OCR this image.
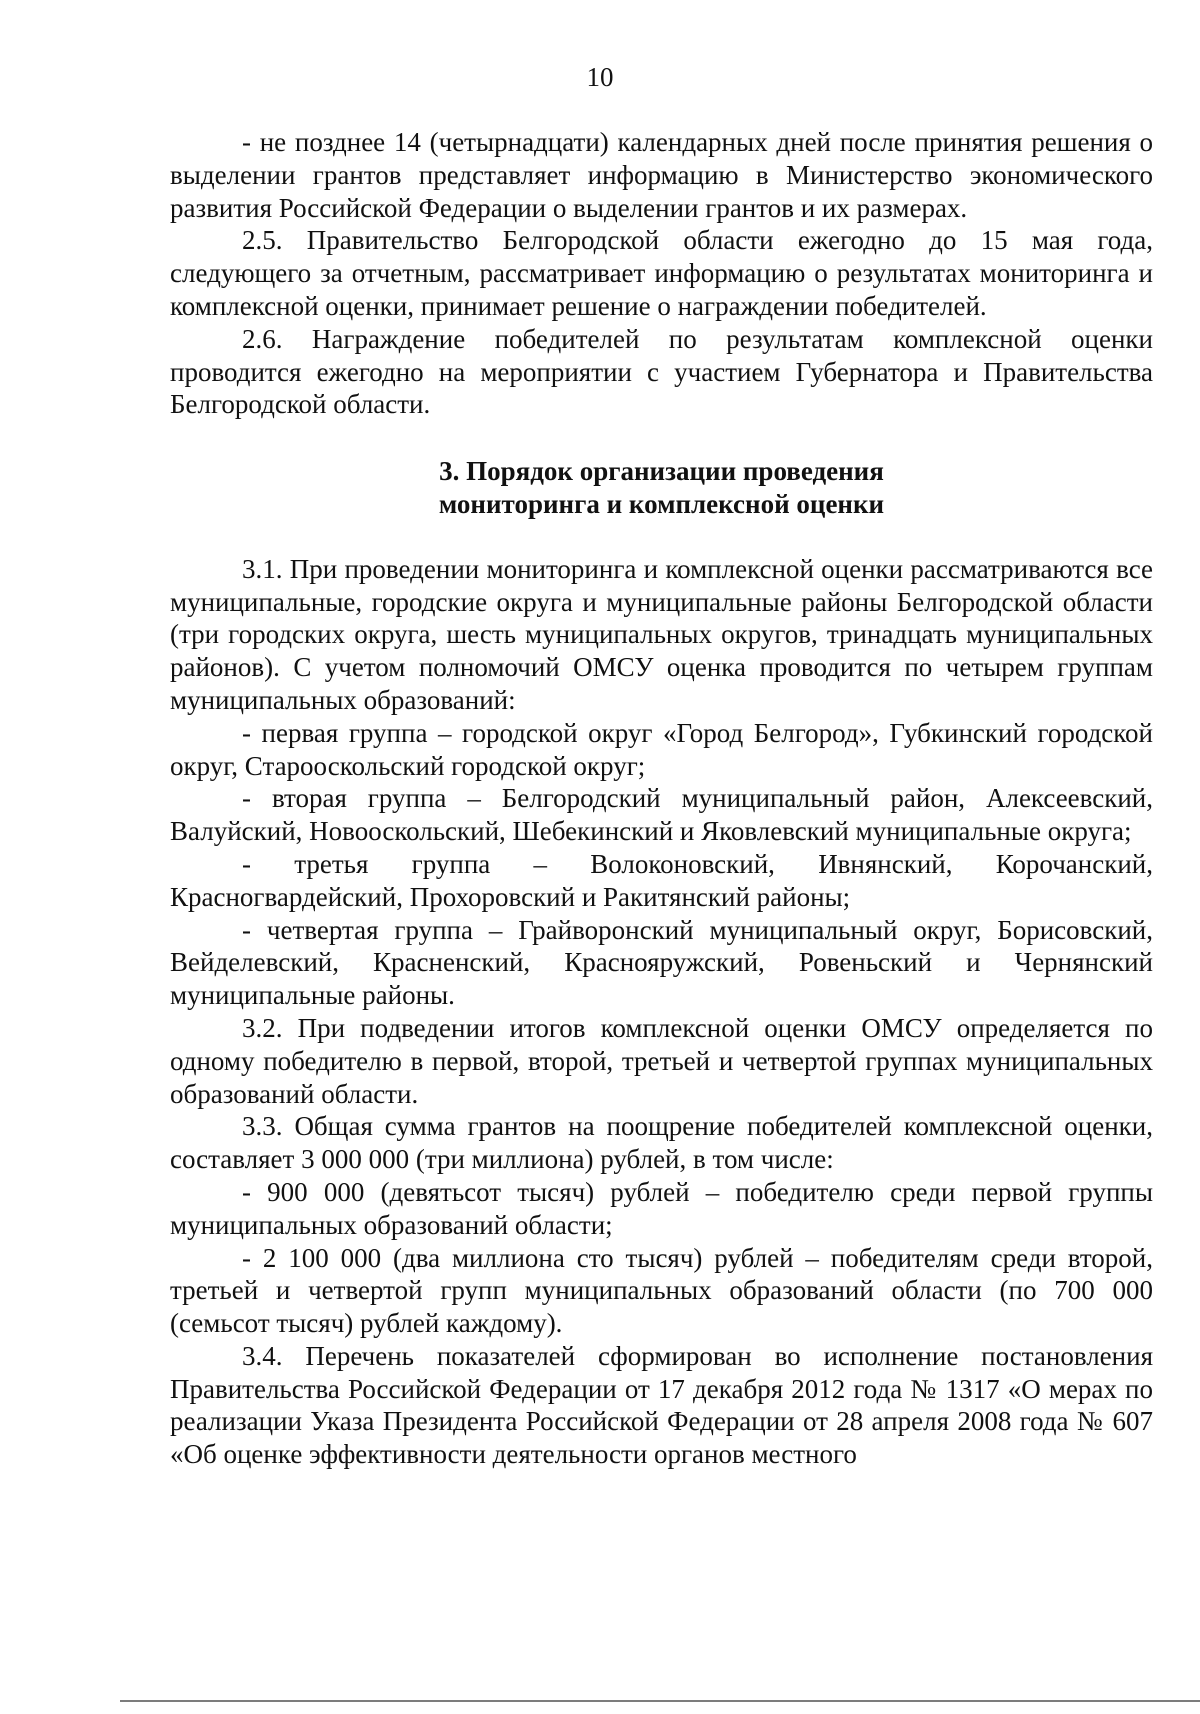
10

- не позднее 14 (четырнадцати) календарных дней после принятия решения о выделении грантов представляет информацию в Министерство экономического развития Российской Федерации о выделении грантов и их размерах.

2.5. Правительство Белгородской области ежегодно до 15 мая года, следующего за отчетным, рассматривает информацию о результатах мониторинга и комплексной оценки, принимает решение о награждении победителей.

2.6. Награждение победителей по результатам комплексной оценки проводится ежегодно на мероприятии с участием Губернатора и Правительства Белгородской области.

3. Порядок организации проведения
мониторинга и комплексной оценки

3.1. При проведении мониторинга и комплексной оценки рассматриваются все муниципальные, городские округа и муниципальные районы Белгородской области (три городских округа, шесть муниципальных округов, тринадцать муниципальных районов). С учетом полномочий ОМСУ оценка проводится по четырем группам муниципальных образований:

- первая группа – городской округ «Город Белгород», Губкинский городской округ, Старооскольский городской округ;

- вторая группа – Белгородский муниципальный район, Алексеевский, Валуйский, Новооскольский, Шебекинский и Яковлевский муниципальные округа;

- третья группа – Волоконовский, Ивнянский, Корочанский, Красногвардейский, Прохоровский и Ракитянский районы;

- четвертая группа – Грайворонский муниципальный округ, Борисовский, Вейделевский, Красненский, Краснояружский, Ровеньский и Чернянский муниципальные районы.

3.2. При подведении итогов комплексной оценки ОМСУ определяется по одному победителю в первой, второй, третьей и четвертой группах муниципальных образований области.

3.3. Общая сумма грантов на поощрение победителей комплексной оценки, составляет 3 000 000 (три миллиона) рублей, в том числе:

- 900 000 (девятьсот тысяч) рублей – победителю среди первой группы муниципальных образований области;

- 2 100 000 (два миллиона сто тысяч) рублей – победителям среди второй, третьей и четвертой групп муниципальных образований области (по 700 000 (семьсот тысяч) рублей каждому).

3.4. Перечень показателей сформирован во исполнение постановления Правительства Российской Федерации от 17 декабря 2012 года № 1317 «О мерах по реализации Указа Президента Российской Федерации от 28 апреля 2008 года № 607 «Об оценке эффективности деятельности органов местного
